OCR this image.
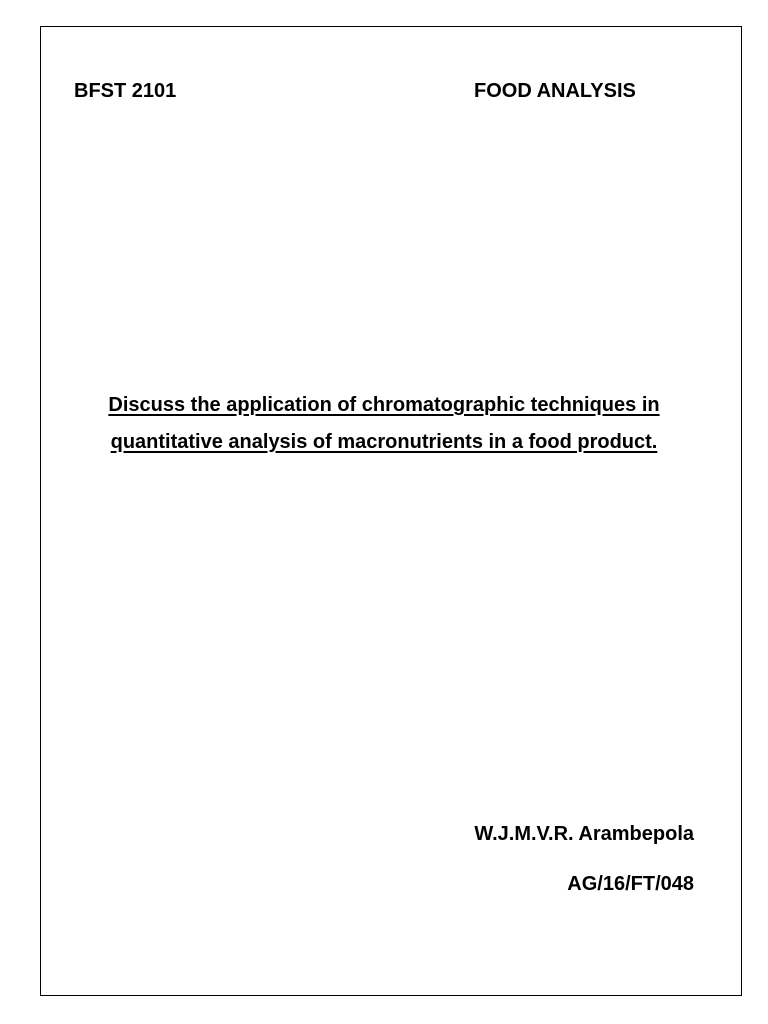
BFST 2101	FOOD ANALYSIS
Discuss the application of chromatographic techniques in
quantitative analysis of macronutrients in a food product.
W.J.M.V.R. Arambepola
AG/16/FT/048
